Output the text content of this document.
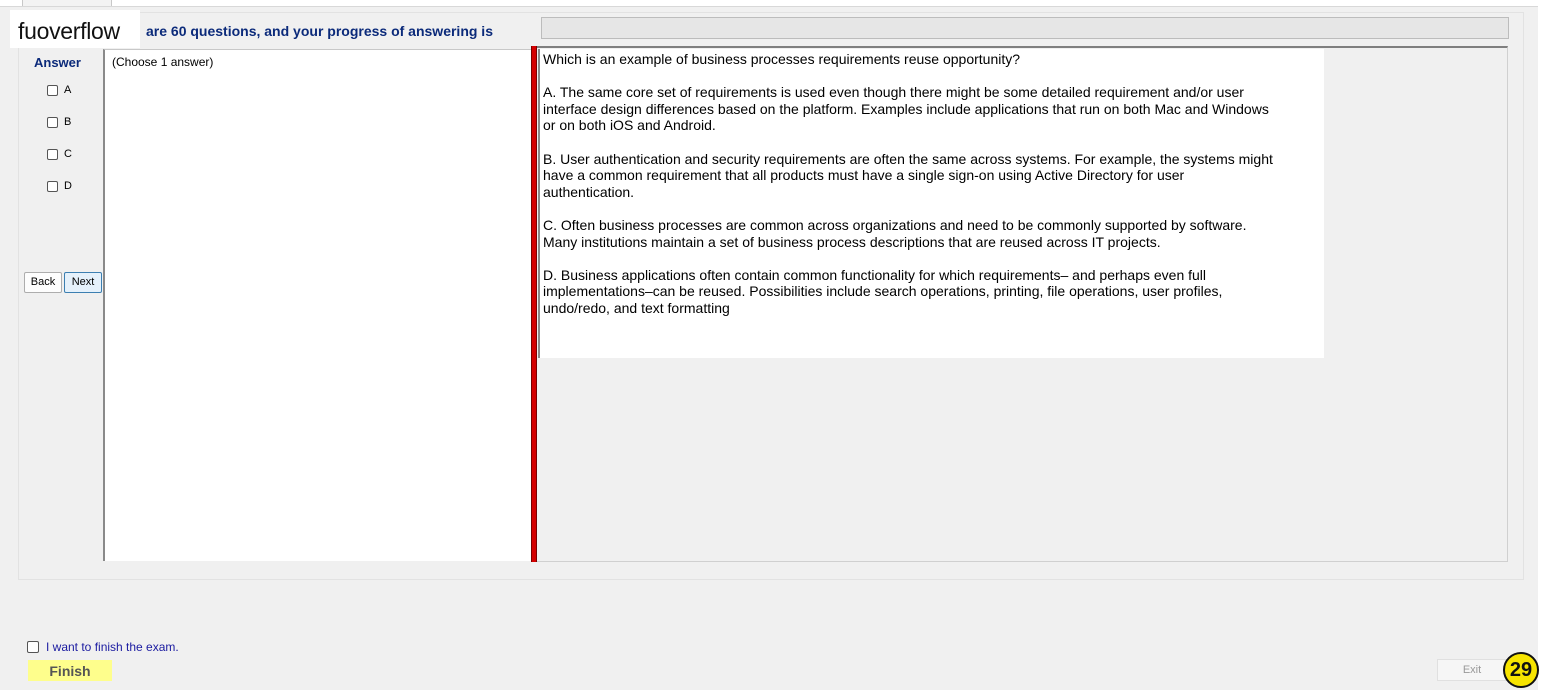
fuoverflow	are 60 questions, and your progress of answering is
Answer
A
B
C
D
Back	Next
(Choose 1 answer)	Which is an example of business processes requirements reuse opportunity?

A. The same core set of requirements is used even though there might be some detailed requirement and/or user interface design differences based on the platform. Examples include applications that run on both Mac and Windows or on both iOS and Android.

B. User authentication and security requirements are often the same across systems. For example, the systems might have a common requirement that all products must have a single sign-on using Active Directory for user authentication.

C. Often business processes are common across organizations and need to be commonly supported by software. Many institutions maintain a set of business process descriptions that are reused across IT projects.

D. Business applications often contain common functionality for which requirements– and perhaps even full implementations–can be reused. Possibilities include search operations, printing, file operations, user profiles, undo/redo, and text formatting

I want to finish the exam.
Finish	Exit	29
